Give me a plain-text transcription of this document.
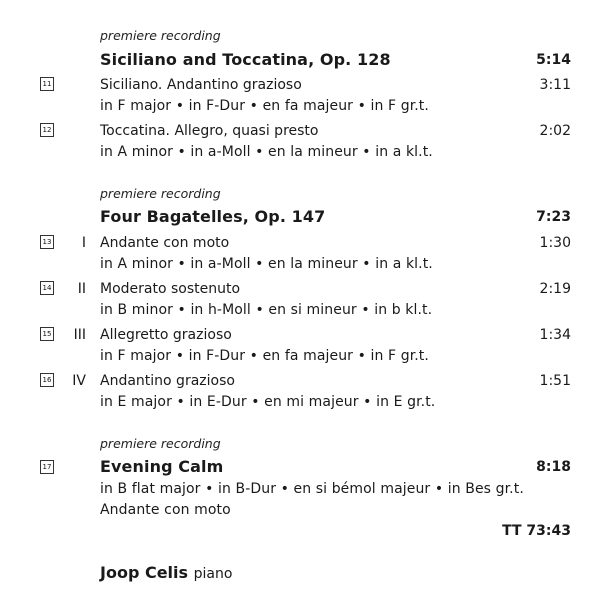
premiere recording
Siciliano and Toccatina, Op. 128	5:14
11	Siciliano. Andantino grazioso	3:11
in F major • in F-Dur • en fa majeur • in F gr.t.
12	Toccatina. Allegro, quasi presto	2:02
in A minor • in a-Moll • en la mineur • in a kl.t.
premiere recording
Four Bagatelles, Op. 147	7:23
13	I Andante con moto	1:30
in A minor • in a-Moll • en la mineur • in a kl.t.
14	II Moderato sostenuto	2:19
in B minor • in h-Moll • en si mineur • in b kl.t.
15	III Allegretto grazioso	1:34
in F major • in F-Dur • en fa majeur • in F gr.t.
16	IV Andantino grazioso	1:51
in E major • in E-Dur • en mi majeur • in E gr.t.
premiere recording
17	Evening Calm	8:18
in B flat major • in B-Dur • en si bémol majeur • in Bes gr.t.
Andante con moto
TT 73:43
Joop Celis piano
